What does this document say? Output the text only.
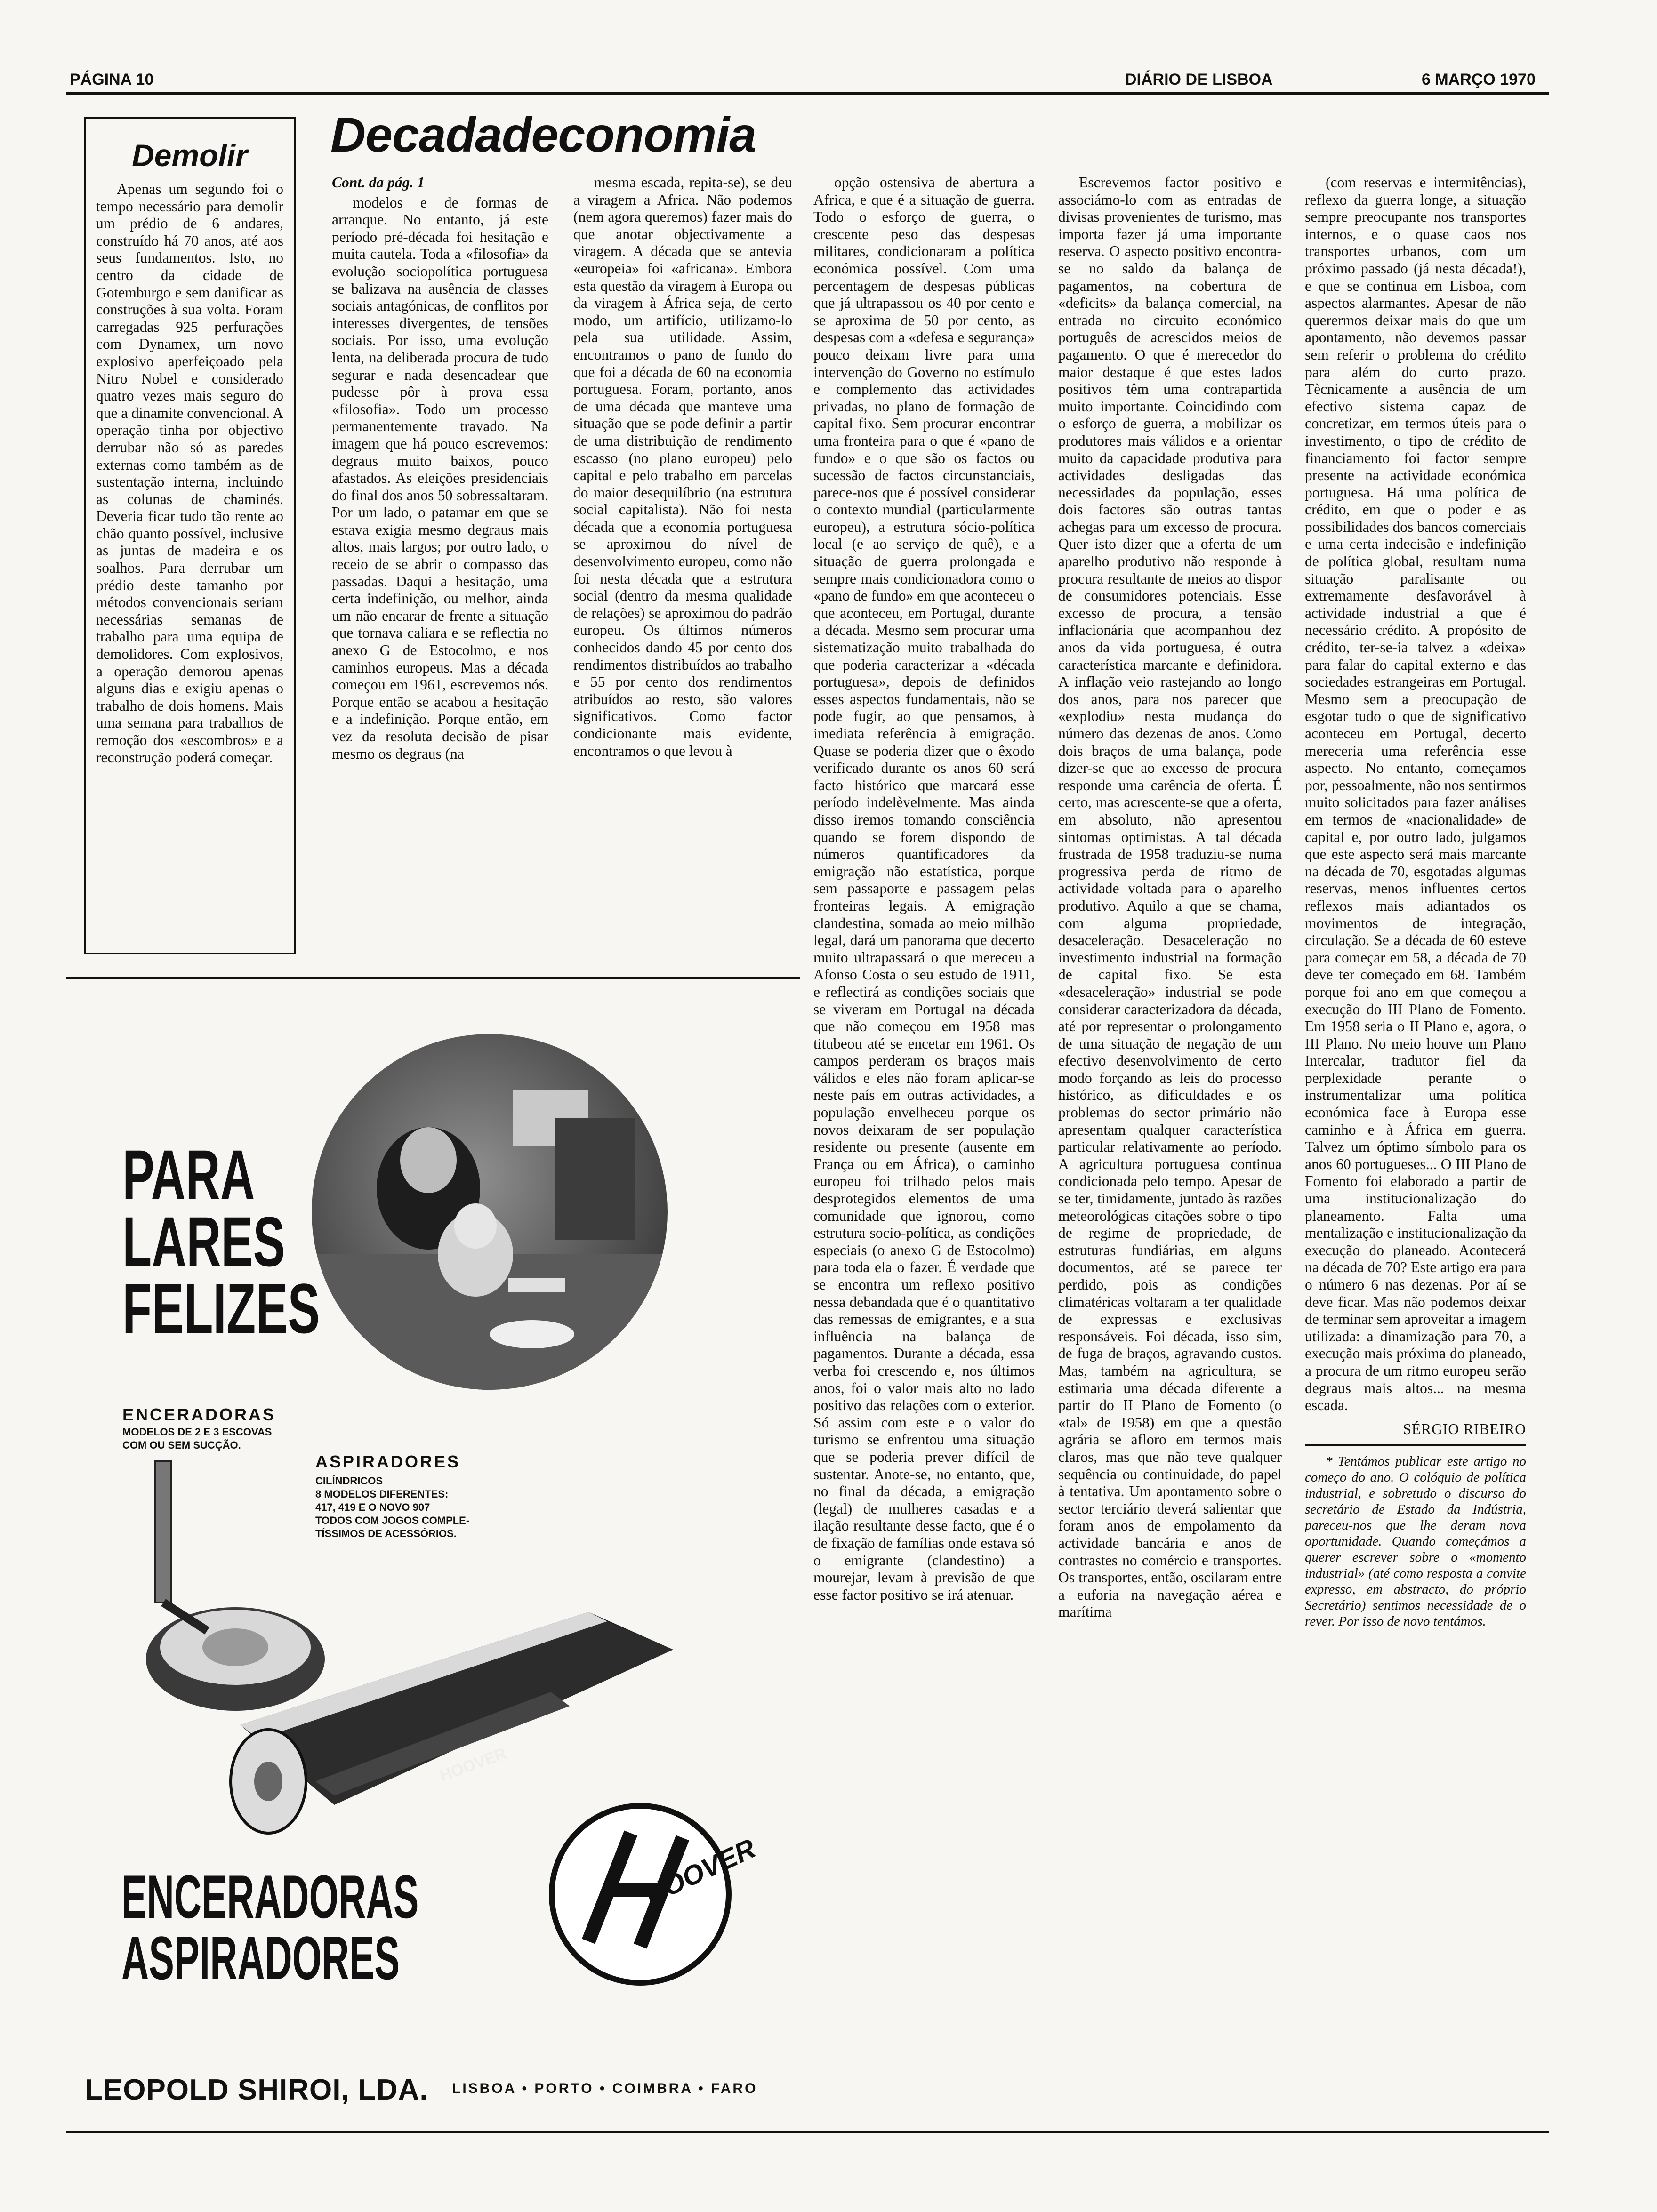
PÁGINA 10	DIÁRIO DE LISBOA	6 MARÇO 1970
Demolir

Apenas um segundo foi o tempo necessário para demolir um prédio de 6 andares, construído há 70 anos, até aos seus fundamentos. Isto, no centro da cidade de Gotemburgo e sem danificar as construções à sua volta. Foram carregadas 925 perfurações com Dynamex, um novo explosivo aperfeiçoado pela Nitro Nobel e considerado quatro vezes mais seguro do que a dinamite convencional. A operação tinha por objectivo derrubar não só as paredes externas como também as de sustentação interna, incluindo as colunas de chaminés. Deveria ficar tudo tão rente ao chão quanto possível, inclusive as juntas de madeira e os soalhos. Para derrubar um prédio deste tamanho por métodos convencionais seriam necessárias semanas de trabalho para uma equipa de demolidores. Com explosivos, a operação demorou apenas alguns dias e exigiu apenas o trabalho de dois homens. Mais uma semana para trabalhos de remoção dos «escombros» e a reconstrução poderá começar.

Decadadeconomia

Cont. da pág. 1

modelos e de formas de arranque. No entanto, já este período pré-década foi hesitação e muita cautela. Toda a «filosofia» da evolução sociopolítica portuguesa se balizava na ausência de classes sociais antagónicas, de conflitos por interesses divergentes, de tensões sociais. Por isso, uma evolução lenta, na deliberada procura de tudo segurar e nada desencadear que pudesse pôr à prova essa «filosofia». Todo um processo permanentemente travado. Na imagem que há pouco escrevemos: degraus muito baixos, pouco afastados. As eleições presidenciais do final dos anos 50 sobressaltaram. Por um lado, o patamar em que se estava exigia mesmo degraus mais altos, mais largos; por outro lado, o receio de se abrir o compasso das passadas. Daqui a hesitação, uma certa indefinição, ou melhor, ainda um não encarar de frente a situação que tornava caliara e se reflectia no anexo G de Estocolmo, e nos caminhos europeus. Mas a década começou em 1961, escrevemos nós. Porque então se acabou a hesitação e a indefinição. Porque então, em vez da resoluta decisão de pisar mesmo os degraus (na

mesma escada, repita-se), se deu a viragem a Africa. Não podemos (nem agora queremos) fazer mais do que anotar objectivamente a viragem. A década que se antevia «europeia» foi «africana». Embora esta questão da viragem à Europa ou da viragem à África seja, de certo modo, um artifício, utilizamo-lo pela sua utilidade. Assim, encontramos o pano de fundo do que foi a década de 60 na economia portuguesa. Foram, portanto, anos de uma década que manteve uma situação que se pode definir a partir de uma distribuição de rendimento escasso (no plano europeu) pelo capital e pelo trabalho em parcelas do maior desequilíbrio (na estrutura social capitalista). Não foi nesta década que a economia portuguesa se aproximou do nível de desenvolvimento europeu, como não foi nesta década que a estrutura social (dentro da mesma qualidade de relações) se aproximou do padrão europeu. Os últimos números conhecidos dando 45 por cento dos rendimentos distribuídos ao trabalho e 55 por cento dos rendimentos atribuídos ao resto, são valores significativos. Como factor condicionante mais evidente, encontramos o que levou à

opção ostensiva de abertura a Africa, e que é a situação de guerra. Todo o esforço de guerra, o crescente peso das despesas militares, condicionaram a política económica possível. Com uma percentagem de despesas públicas que já ultrapassou os 40 por cento e se aproxima de 50 por cento, as despesas com a «defesa e segurança» pouco deixam livre para uma intervenção do Governo no estímulo e complemento das actividades privadas, no plano de formação de capital fixo. Sem procurar encontrar uma fronteira para o que é «pano de fundo» e o que são os factos ou sucessão de factos circunstanciais, parece-nos que é possível considerar o contexto mundial (particularmente europeu), a estrutura sócio-política local (e ao serviço de quê), e a situação de guerra prolongada e sempre mais condicionadora como o «pano de fundo» em que aconteceu o que aconteceu, em Portugal, durante a década. Mesmo sem procurar uma sistematização muito trabalhada do que poderia caracterizar a «década portuguesa», depois de definidos esses aspectos fundamentais, não se pode fugir, ao que pensamos, à imediata referência à emigração. Quase se poderia dizer que o êxodo verificado durante os anos 60 será facto histórico que marcará esse período indelèvelmente. Mas ainda disso iremos tomando consciência quando se forem dispondo de números quantificadores da emigração não estatística, porque sem passaporte e passagem pelas fronteiras legais. A emigração clandestina, somada ao meio milhão legal, dará um panorama que decerto muito ultrapassará o que mereceu a Afonso Costa o seu estudo de 1911, e reflectirá as condições sociais que se viveram em Portugal na década que não começou em 1958 mas titubeou até se encetar em 1961. Os campos perderam os braços mais válidos e eles não foram aplicar-se neste país em outras actividades, a população envelheceu porque os novos deixaram de ser população residente ou presente (ausente em França ou em África), o caminho europeu foi trilhado pelos mais desprotegidos elementos de uma comunidade que ignorou, como estrutura socio-política, as condições especiais (o anexo G de Estocolmo) para toda ela o fazer. É verdade que se encontra um reflexo positivo nessa debandada que é o quantitativo das remessas de emigrantes, e a sua influência na balança de pagamentos. Durante a década, essa verba foi crescendo e, nos últimos anos, foi o valor mais alto no lado positivo das relações com o exterior. Só assim com este e o valor do turismo se enfrentou uma situação que se poderia prever difícil de sustentar. Anote-se, no entanto, que, no final da década, a emigração (legal) de mulheres casadas e a ilação resultante desse facto, que é o de fixação de famílias onde estava só o emigrante (clandestino) a mourejar, levam à previsão de que esse factor positivo se irá atenuar.

Escrevemos factor positivo e associámo-lo com as entradas de divisas provenientes de turismo, mas importa fazer já uma importante reserva. O aspecto positivo encontra-se no saldo da balança de pagamentos, na cobertura de «deficits» da balança comercial, na entrada no circuito económico português de acrescidos meios de pagamento. O que é merecedor do maior destaque é que estes lados positivos têm uma contrapartida muito importante. Coincidindo com o esforço de guerra, a mobilizar os produtores mais válidos e a orientar muito da capacidade produtiva para actividades desligadas das necessidades da população, esses dois factores são outras tantas achegas para um excesso de procura. Quer isto dizer que a oferta de um aparelho produtivo não responde à procura resultante de meios ao dispor de consumidores potenciais. Esse excesso de procura, a tensão inflacionária que acompanhou dez anos da vida portuguesa, é outra característica marcante e definidora. A inflação veio rastejando ao longo dos anos, para nos parecer que «explodiu» nesta mudança do número das dezenas de anos. Como dois braços de uma balança, pode dizer-se que ao excesso de procura responde uma carência de oferta. É certo, mas acrescente-se que a oferta, em absoluto, não apresentou sintomas optimistas. A tal década frustrada de 1958 traduziu-se numa progressiva perda de ritmo de actividade voltada para o aparelho produtivo. Aquilo a que se chama, com alguma propriedade, desaceleração. Desaceleração no investimento industrial na formação de capital fixo. Se esta «desaceleração» industrial se pode considerar caracterizadora da década, até por representar o prolongamento de uma situação de negação de um efectivo desenvolvimento de certo modo forçando as leis do processo histórico, as dificuldades e os problemas do sector primário não apresentam qualquer característica particular relativamente ao período. A agricultura portuguesa continua condicionada pelo tempo. Apesar de se ter, timidamente, juntado às razões meteorológicas citações sobre o tipo de regime de propriedade, de estruturas fundiárias, em alguns documentos, até se parece ter perdido, pois as condições climatéricas voltaram a ter qualidade de expressas e exclusivas responsáveis. Foi década, isso sim, de fuga de braços, agravando custos. Mas, também na agricultura, se estimaria uma década diferente a partir do II Plano de Fomento (o «tal» de 1958) em que a questão agrária se afloro em termos mais claros, mas que não teve qualquer sequência ou continuidade, do papel à tentativa. Um apontamento sobre o sector terciário deverá salientar que foram anos de empolamento da actividade bancária e anos de contrastes no comércio e transportes. Os transportes, então, oscilaram entre a euforia na navegação aérea e marítima

(com reservas e intermitências), reflexo da guerra longe, a situação sempre preocupante nos transportes internos, e o quase caos nos transportes urbanos, com um próximo passado (já nesta década!), e que se continua em Lisboa, com aspectos alarmantes. Apesar de não querermos deixar mais do que um apontamento, não devemos passar sem referir o problema do crédito para além do curto prazo. Tècnicamente a ausência de um efectivo sistema capaz de concretizar, em termos úteis para o investimento, o tipo de crédito de financiamento foi factor sempre presente na actividade económica portuguesa. Há uma política de crédito, em que o poder e as possibilidades dos bancos comerciais e uma certa indecisão e indefinição de política global, resultam numa situação paralisante ou extremamente desfavorável à actividade industrial a que é necessário crédito. A propósito de crédito, ter-se-ia talvez a «deixa» para falar do capital externo e das sociedades estrangeiras em Portugal. Mesmo sem a preocupação de esgotar tudo o que de significativo aconteceu em Portugal, decerto mereceria uma referência esse aspecto. No entanto, começamos por, pessoalmente, não nos sentirmos muito solicitados para fazer análises em termos de «nacionalidade» de capital e, por outro lado, julgamos que este aspecto será mais marcante na década de 70, esgotadas algumas reservas, menos influentes certos reflexos mais adiantados os movimentos de integração, circulação. Se a década de 60 esteve para começar em 58, a década de 70 deve ter começado em 68. Também porque foi ano em que começou a execução do III Plano de Fomento. Em 1958 seria o II Plano e, agora, o III Plano. No meio houve um Plano Intercalar, tradutor fiel da perplexidade perante o instrumentalizar uma política económica face à Europa esse caminho e à África em guerra. Talvez um óptimo símbolo para os anos 60 portugueses... O III Plano de Fomento foi elaborado a partir de uma institucionalização do planeamento. Falta uma mentalização e institucionalização da execução do planeado. Acontecerá na década de 70? Este artigo era para o número 6 nas dezenas. Por aí se deve ficar. Mas não podemos deixar de terminar sem aproveitar a imagem utilizada: a dinamização para 70, a execução mais próxima do planeado, a procura de um ritmo europeu serão degraus mais altos... na mesma escada.

SÉRGIO RIBEIRO

* Tentámos publicar este artigo no começo do ano. O colóquio de política industrial, e sobretudo o discurso do secretário de Estado da Indústria, pareceu-nos que lhe deram nova oportunidade. Quando começámos a querer escrever sobre o «momento industrial» (até como resposta a convite expresso, em abstracto, do próprio Secretário) sentimos necessidade de o rever. Por isso de novo tentámos.

PARA
LARES
FELIZES
ENCERADORAS
MODELOS DE 2 E 3 ESCOVAS
COM OU SEM SUCÇÃO.
ASPIRADORES
CILÍNDRICOS
8 MODELOS DIFERENTES:
417, 419 E O NOVO 907
TODOS COM JOGOS COMPLE-
TÍSSIMOS DE ACESSÓRIOS.
HOOVER
ENCERADORAS
ASPIRADORES
HOOVER
LEOPOLD SHIROI, LDA. LISBOA • PORTO • COIMBRA • FARO
